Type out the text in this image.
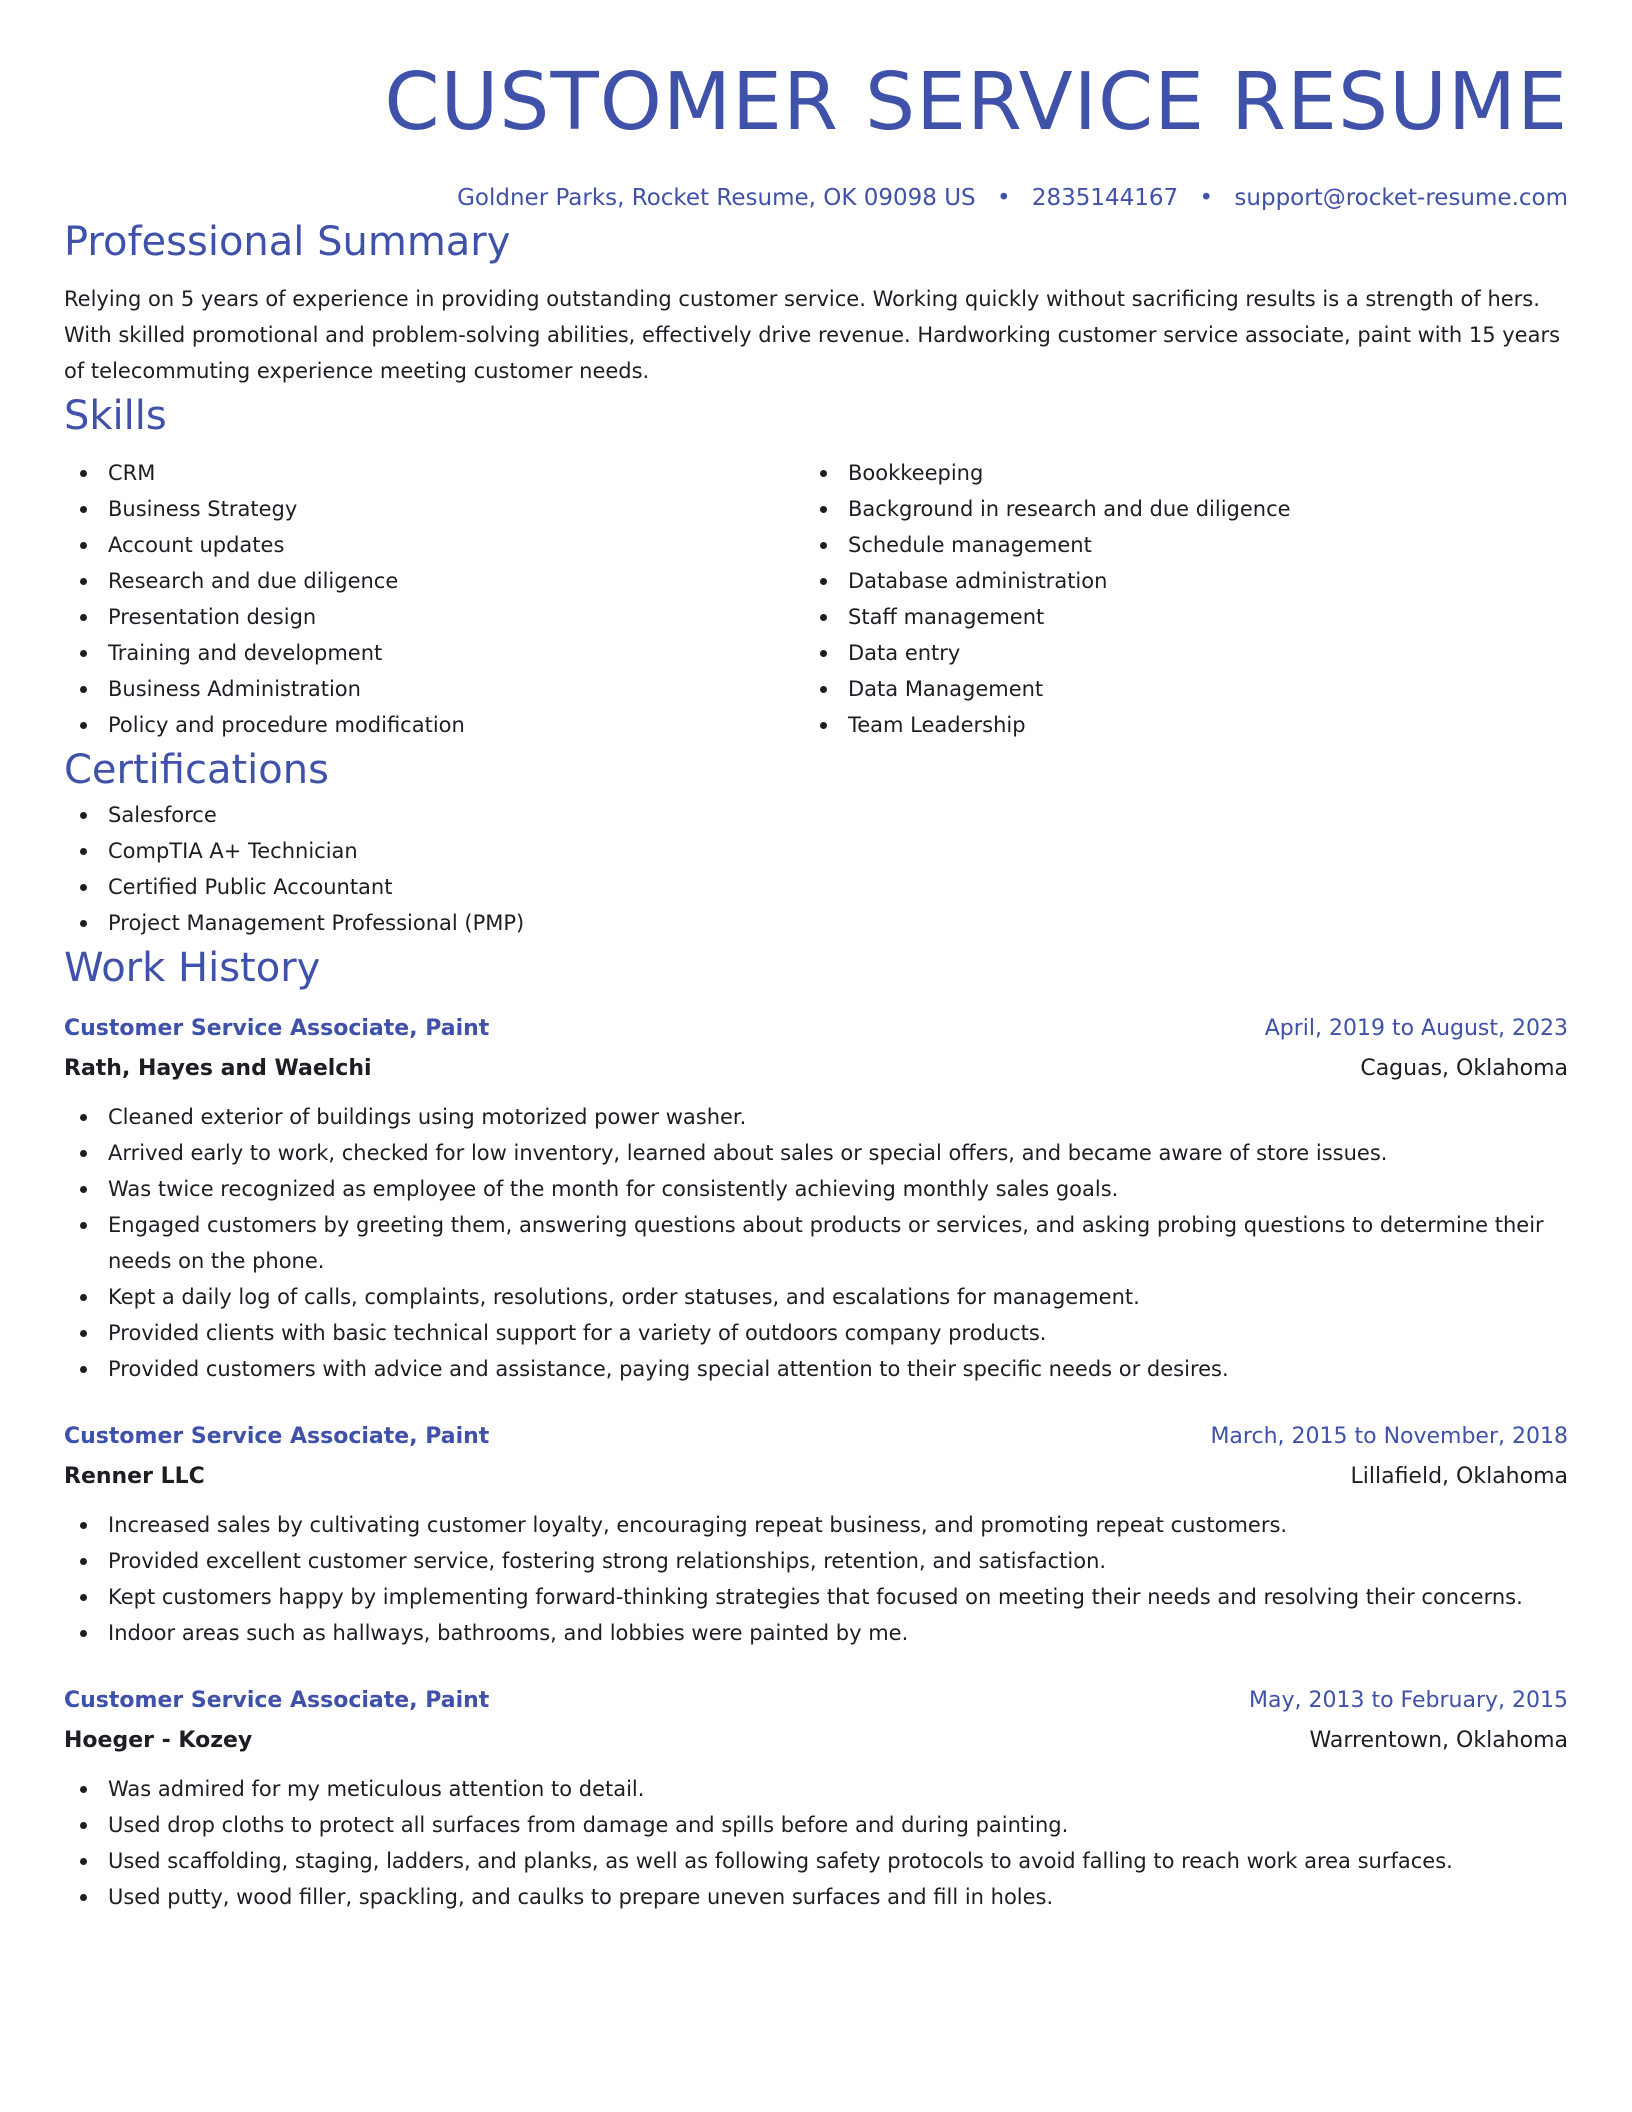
CUSTOMER SERVICE RESUME
Goldner Parks, Rocket Resume, OK 09098 US • 2835144167 • support@rocket-resume.com
Professional Summary
Relying on 5 years of experience in providing outstanding customer service. Working quickly without sacrificing results is a strength of hers. With skilled promotional and problem-solving abilities, effectively drive revenue. Hardworking customer service associate, paint with 15 years of telecommuting experience meeting customer needs.
Skills
CRM
Business Strategy
Account updates
Research and due diligence
Presentation design
Training and development
Business Administration
Policy and procedure modification
Bookkeeping
Background in research and due diligence
Schedule management
Database administration
Staff management
Data entry
Data Management
Team Leadership
Certifications
Salesforce
CompTIA A+ Technician
Certified Public Accountant
Project Management Professional (PMP)
Work History
Customer Service Associate, Paint	April, 2019 to August, 2023
Rath, Hayes and Waelchi	Caguas, Oklahoma
Cleaned exterior of buildings using motorized power washer.
Arrived early to work, checked for low inventory, learned about sales or special offers, and became aware of store issues.
Was twice recognized as employee of the month for consistently achieving monthly sales goals.
Engaged customers by greeting them, answering questions about products or services, and asking probing questions to determine their needs on the phone.
Kept a daily log of calls, complaints, resolutions, order statuses, and escalations for management.
Provided clients with basic technical support for a variety of outdoors company products.
Provided customers with advice and assistance, paying special attention to their specific needs or desires.
Customer Service Associate, Paint	March, 2015 to November, 2018
Renner LLC	Lillafield, Oklahoma
Increased sales by cultivating customer loyalty, encouraging repeat business, and promoting repeat customers.
Provided excellent customer service, fostering strong relationships, retention, and satisfaction.
Kept customers happy by implementing forward-thinking strategies that focused on meeting their needs and resolving their concerns.
Indoor areas such as hallways, bathrooms, and lobbies were painted by me.
Customer Service Associate, Paint	May, 2013 to February, 2015
Hoeger - Kozey	Warrentown, Oklahoma
Was admired for my meticulous attention to detail.
Used drop cloths to protect all surfaces from damage and spills before and during painting.
Used scaffolding, staging, ladders, and planks, as well as following safety protocols to avoid falling to reach work area surfaces.
Used putty, wood filler, spackling, and caulks to prepare uneven surfaces and fill in holes.
